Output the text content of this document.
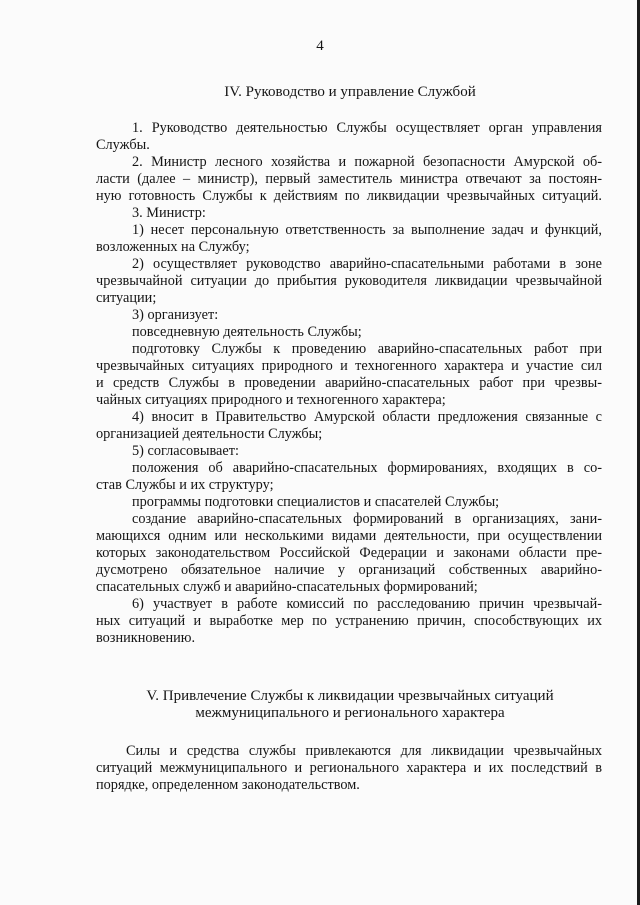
4
IV. Руководство и управление Службой
1. Руководство деятельностью Службы осуществляет орган управления
Службы.
2. Министр лесного хозяйства и пожарной безопасности Амурской об-
ласти (далее – министр), первый заместитель министра отвечают за постоян-
ную готовность Службы к действиям по ликвидации чрезвычайных ситуаций.
3. Министр:
1) несет персональную ответственность за выполнение задач и функций,
возложенных на Службу;
2) осуществляет руководство аварийно-спасательными работами в зоне
чрезвычайной ситуации до прибытия руководителя ликвидации чрезвычайной
ситуации;
3) организует:
повседневную деятельность Службы;
подготовку Службы к проведению аварийно-спасательных работ при
чрезвычайных ситуациях природного и техногенного характера и участие сил
и средств Службы в проведении аварийно-спасательных работ при чрезвы-
чайных ситуациях природного и техногенного характера;
4) вносит в Правительство Амурской области предложения связанные с
организацией деятельности Службы;
5) согласовывает:
положения об аварийно-спасательных формированиях, входящих в со-
став Службы и их структуру;
программы подготовки специалистов и спасателей Службы;
создание аварийно-спасательных формирований в организациях, зани-
мающихся одним или несколькими видами деятельности, при осуществлении
которых законодательством Российской Федерации и законами области пре-
дусмотрено обязательное наличие у организаций собственных аварийно-
спасательных служб и аварийно-спасательных формирований;
6) участвует в работе комиссий по расследованию причин чрезвычай-
ных ситуаций и выработке мер по устранению причин, способствующих их
возникновению.
V. Привлечение Службы к ликвидации чрезвычайных ситуаций
межмуниципального и регионального характера
Силы и средства службы привлекаются для ликвидации чрезвычайных
ситуаций межмуниципального и регионального характера и их последствий в
порядке, определенном законодательством.
